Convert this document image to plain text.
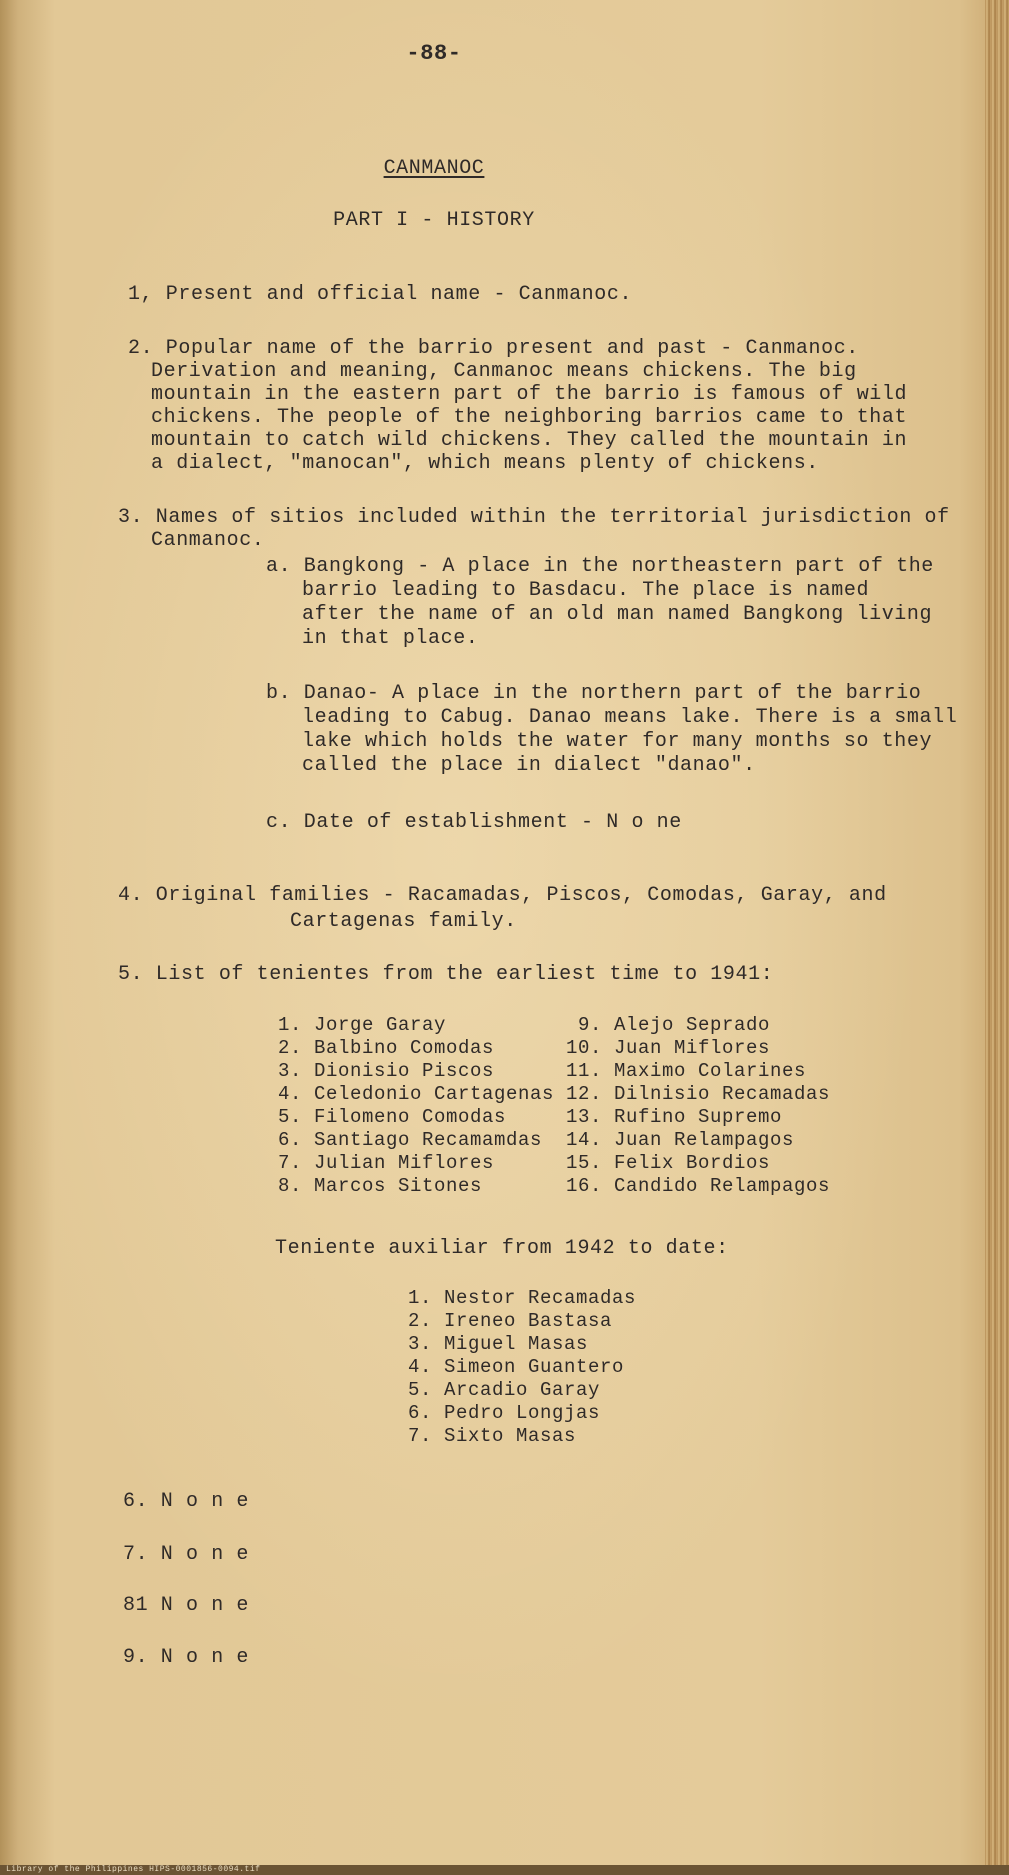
-88-
CANMANOC
PART I - HISTORY
1, Present and official name - Canmanoc.
2. Popular name of the barrio present and past - Canmanoc.
Derivation and meaning, Canmanoc means chickens. The big
mountain in the eastern part of the barrio is famous of wild
chickens. The people of the neighboring barrios came to that
mountain to catch wild chickens. They called the mountain in
a dialect, "manocan", which means plenty of chickens.
3. Names of sitios included within the territorial jurisdiction of
Canmanoc.
a. Bangkong - A place in the northeastern part of the
barrio leading to Basdacu. The place is named
after the name of an old man named Bangkong living
in that place.
b. Danao- A place in the northern part of the barrio
leading to Cabug. Danao means lake. There is a small
lake which holds the water for many months so they
called the place in dialect "danao".
c. Date of establishment - N o ne
4. Original families - Racamadas, Piscos, Comodas, Garay, and
Cartagenas family.
5. List of tenientes from the earliest time to 1941:
1. Jorge Garay
2. Balbino Comodas
3. Dionisio Piscos
4. Celedonio Cartagenas
5. Filomeno Comodas
6. Santiago Recamamdas
7. Julian Miflores
8. Marcos Sitones
9. Alejo Seprado
10. Juan Miflores
11. Maximo Colarines
12. Dilnisio Recamadas
13. Rufino Supremo
14. Juan Relampagos
15. Felix Bordios
16. Candido Relampagos
Teniente auxiliar from 1942 to date:
1. Nestor Recamadas
2. Ireneo Bastasa
3. Miguel Masas
4. Simeon Guantero
5. Arcadio Garay
6. Pedro Longjas
7. Sixto Masas
6. N o n e
7. N o n e
81 N o n e
9. N o n e
Library of the Philippines HIPS-0001856-0094.tif
